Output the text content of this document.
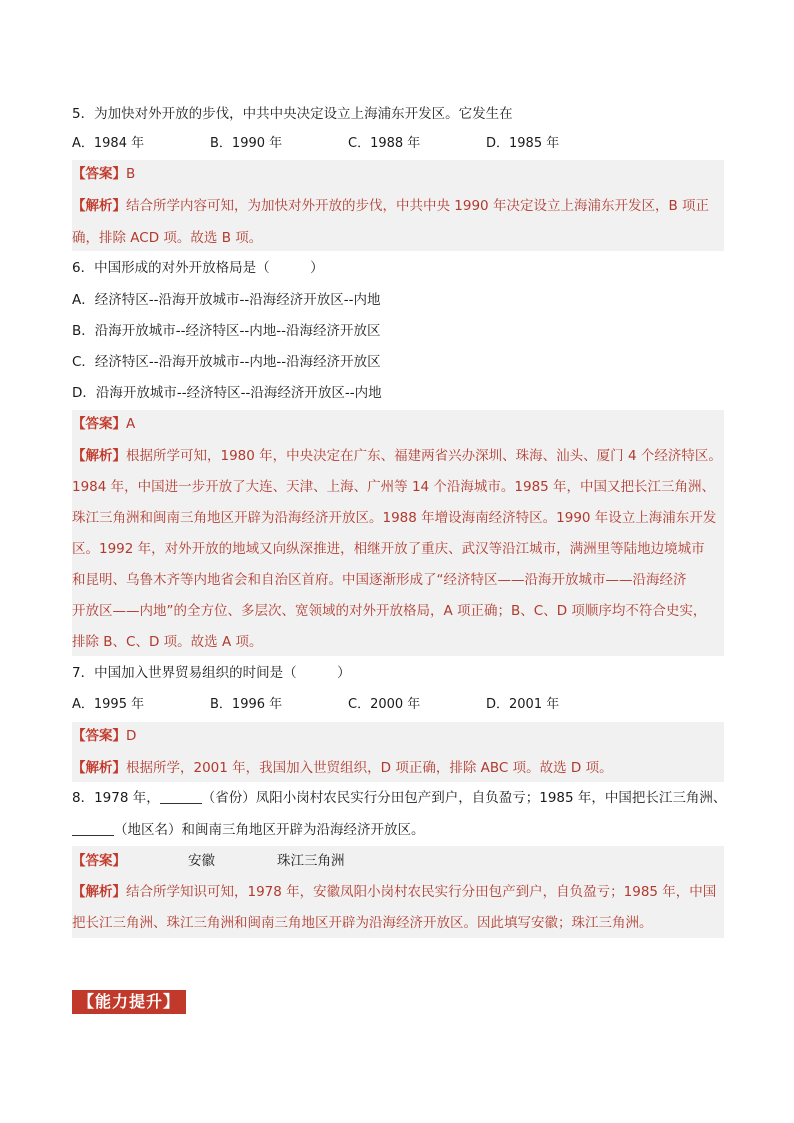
5．为加快对外开放的步伐，中共中央决定设立上海浦东开发区。它发生在
A．1984 年	B．1990 年	C．1988 年	D．1985 年
【答案】B
【解析】结合所学内容可知，为加快对外开放的步伐，中共中央 1990 年决定设立上海浦东开发区，B 项正
确，排除 ACD 项。故选 B 项。
6．中国形成的对外开放格局是（　　　）
A．经济特区--沿海开放城市--沿海经济开放区--内地
B．沿海开放城市--经济特区--内地--沿海经济开放区
C．经济特区--沿海开放城市--内地--沿海经济开放区
D．沿海开放城市--经济特区--沿海经济开放区--内地
【答案】A
【解析】根据所学可知，1980 年，中央决定在广东、福建两省兴办深圳、珠海、汕头、厦门 4 个经济特区。
1984 年，中国进一步开放了大连、天津、上海、广州等 14 个沿海城市。1985 年，中国又把长江三角洲、
珠江三角洲和闽南三角地区开辟为沿海经济开放区。1988 年增设海南经济特区。1990 年设立上海浦东开发
区。1992 年，对外开放的地域又向纵深推进，相继开放了重庆、武汉等沿江城市，满洲里等陆地边境城市
和昆明、乌鲁木齐等内地省会和自治区首府。中国逐渐形成了“经济特区——沿海开放城市——沿海经济
开放区——内地”的全方位、多层次、宽领域的对外开放格局，A 项正确；B、C、D 项顺序均不符合史实，
排除 B、C、D 项。故选 A 项。
7．中国加入世界贸易组织的时间是（　　　）
A．1995 年	B．1996 年	C．2000 年	D．2001 年
【答案】D
【解析】根据所学，2001 年，我国加入世贸组织，D 项正确，排除 ABC 项。故选 D 项。
8．1978 年，	（省份）凤阳小岗村农民实行分田包产到户，自负盈亏；1985 年，中国把长江三角洲、
（地区名）和闽南三角地区开辟为沿海经济开放区。
【答案】	安徽	珠江三角洲
【解析】结合所学知识可知，1978 年，安徽凤阳小岗村农民实行分田包产到户，自负盈亏；1985 年，中国
把长江三角洲、珠江三角洲和闽南三角地区开辟为沿海经济开放区。因此填写安徽；珠江三角洲。
【能力提升】
